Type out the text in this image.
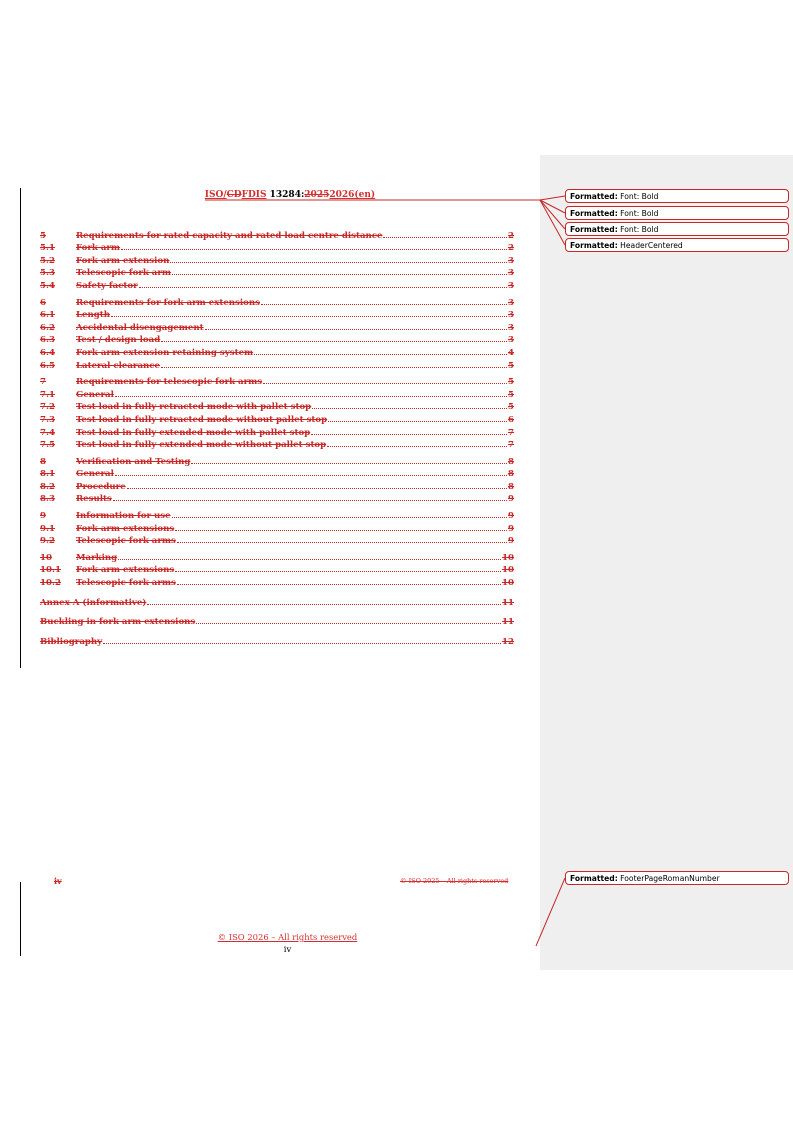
ISO/CDFDIS 13284:20252026(en)
5	Requirements for rated capacity and rated load centre distance	2
5.1	Fork arm	2
5.2	Fork arm extension	3
5.3	Telescopic fork arm	3
5.4	Safety factor	3
6	Requirements for fork arm extensions	3
6.1	Length	3
6.2	Accidental disengagement	3
6.3	Test / design load	3
6.4	Fork arm extension retaining system	4
6.5	Lateral clearance	5
7	Requirements for telescopic fork arms	5
7.1	General	5
7.2	Test load in fully retracted mode with pallet stop	5
7.3	Test load in fully retracted mode without pallet stop	6
7.4	Test load in fully extended mode with pallet stop	7
7.5	Test load in fully extended mode without pallet stop	7
8	Verification and Testing	8
8.1	General	8
8.2	Procedure	8
8.3	Results	9
9	Information for use	9
9.1	Fork arm extensions	9
9.2	Telescopic fork arms	9
10	Marking	10
10.1	Fork arm extensions	10
10.2	Telescopic fork arms	10
Annex A (informative)	11
Buckling in fork arm extensions	11
Bibliography	12
iv	© ISO 2025 – All rights reserved
© ISO 2026 – All rights reserved
iv
Formatted: Font: Bold
Formatted: Font: Bold
Formatted: Font: Bold
Formatted: HeaderCentered
Formatted: FooterPageRomanNumber
